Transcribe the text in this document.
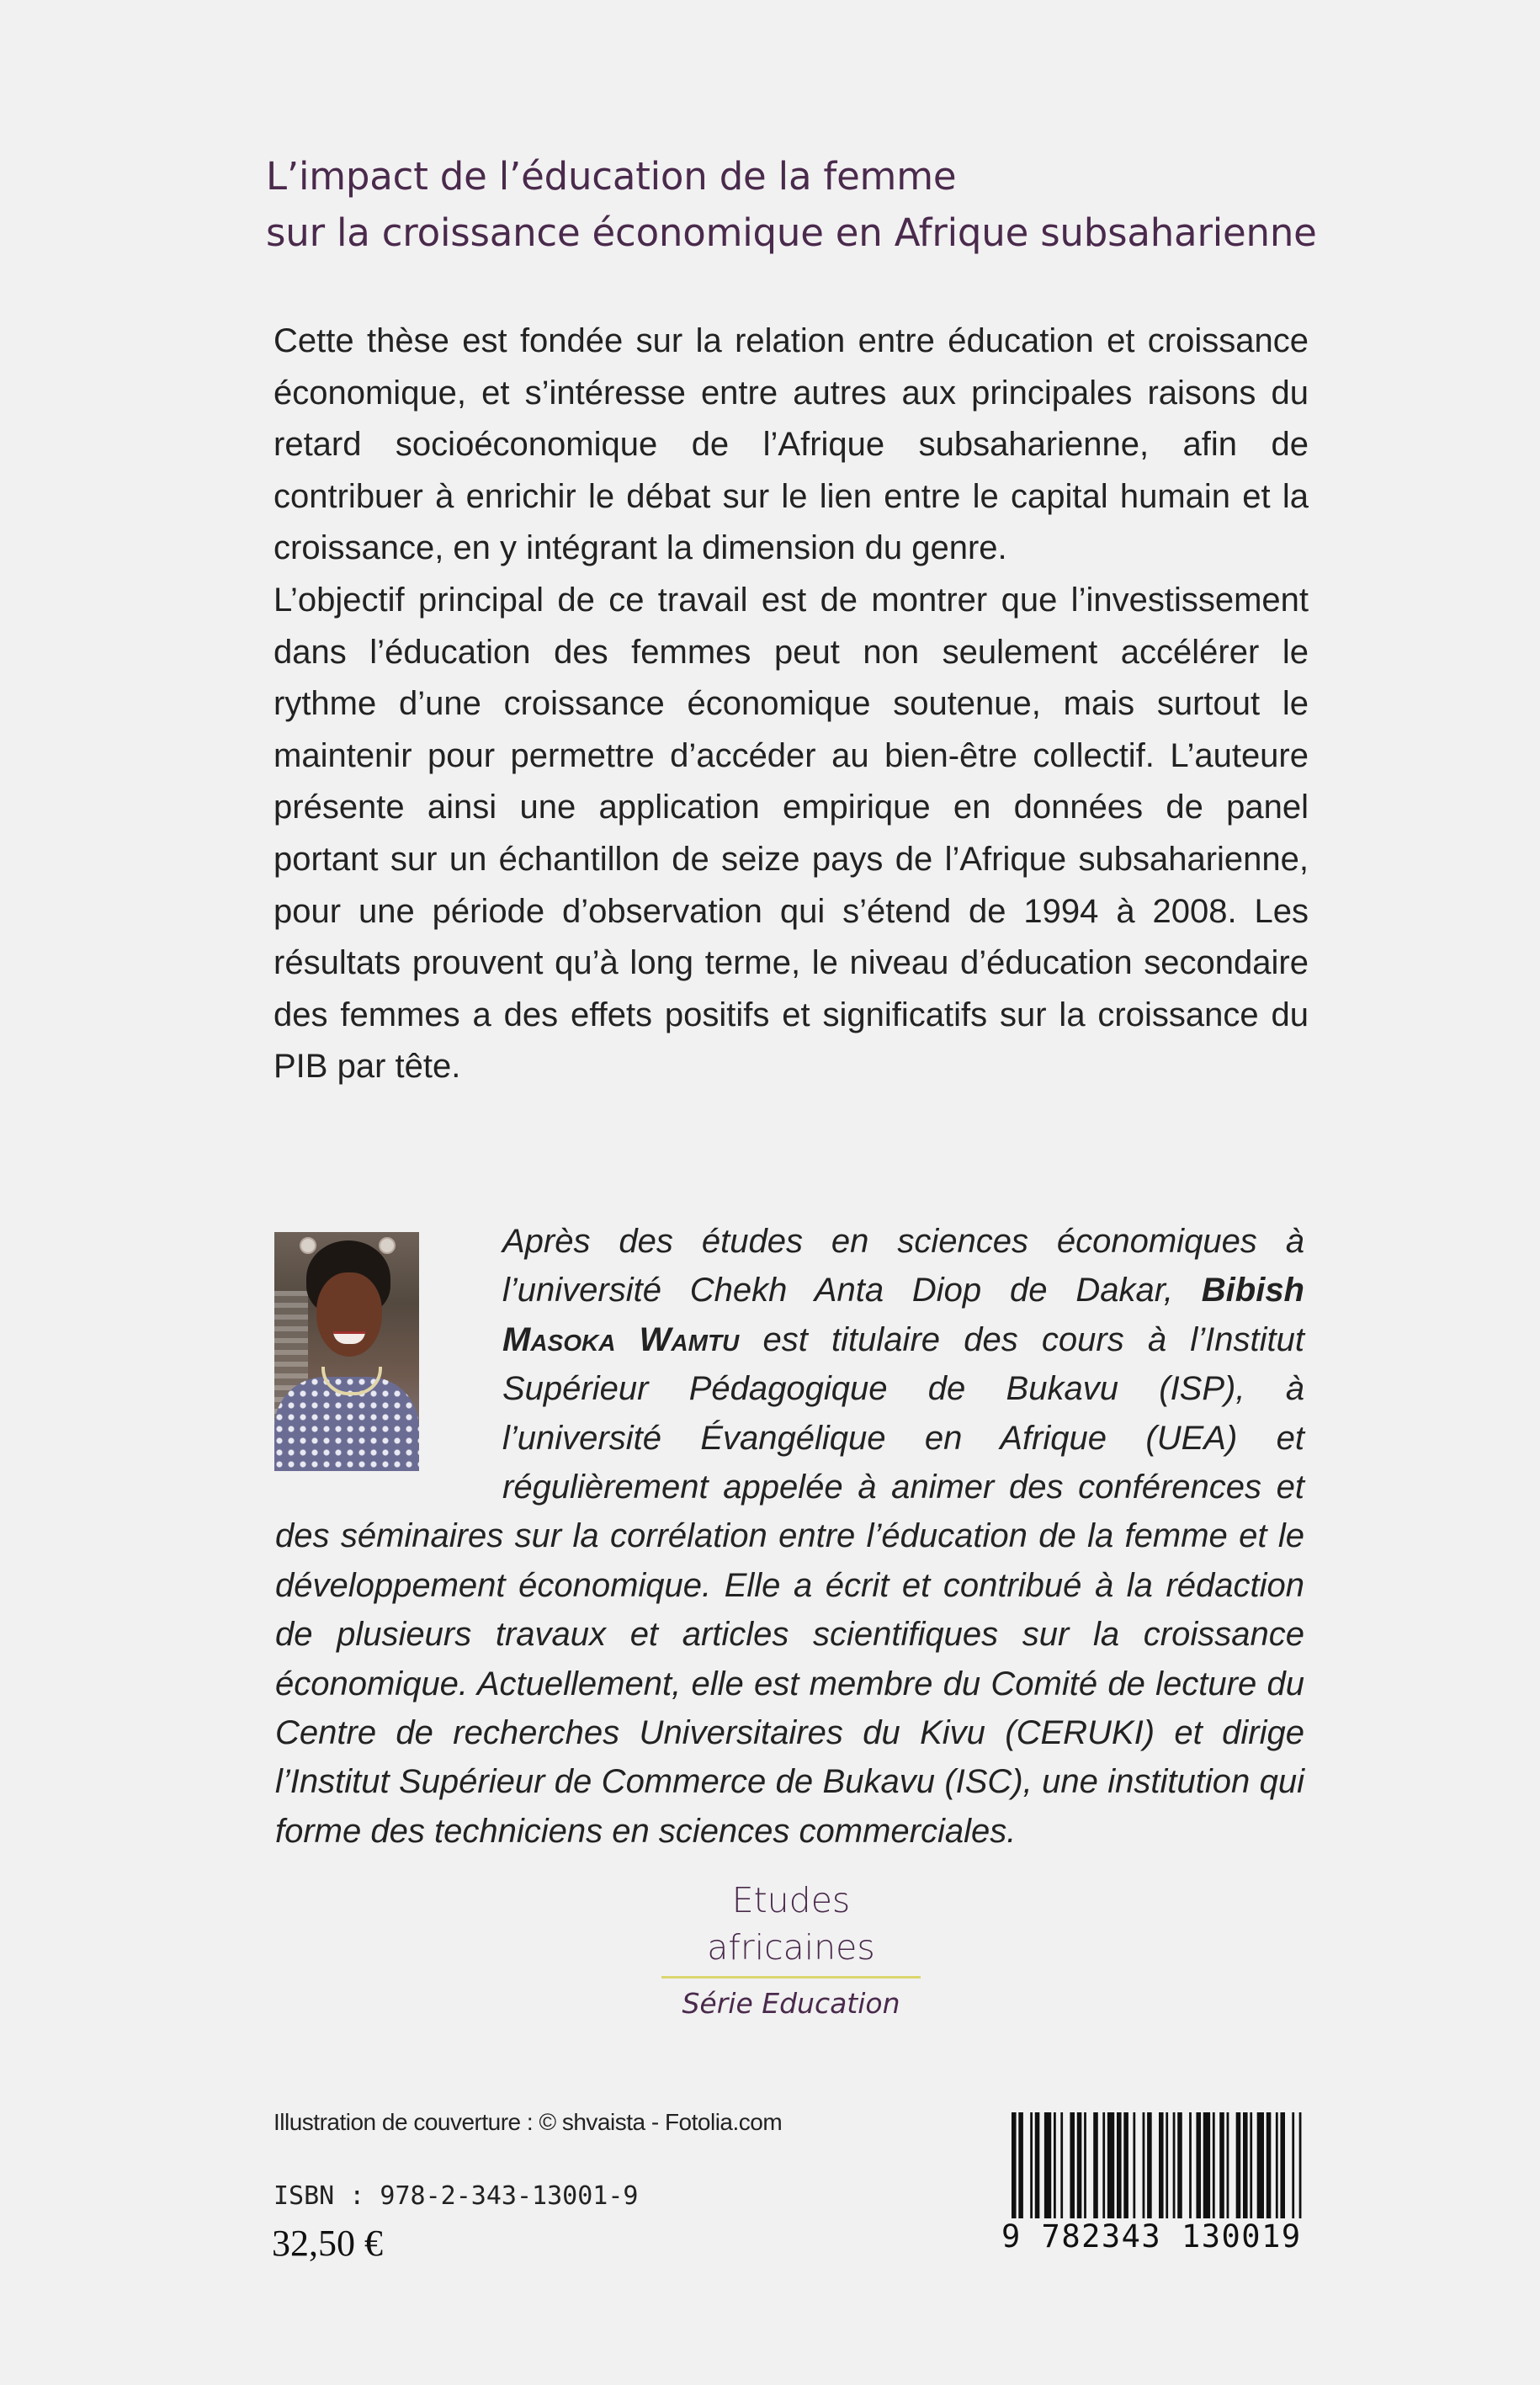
L’impact de l’éducation de la femme
sur la croissance économique en Afrique subsaharienne

Cette thèse est fondée sur la relation entre éducation et croissance économique, et s’intéresse entre autres aux principales raisons du retard socioéconomique de l’Afrique subsaharienne, afin de contribuer à enrichir le débat sur le lien entre le capital humain et la croissance, en y intégrant la dimension du genre.

L’objectif principal de ce travail est de montrer que l’investissement dans l’éducation des femmes peut non seulement accélérer le rythme d’une croissance économique soutenue, mais surtout le maintenir pour permettre d’accéder au bien-être collectif. L’auteure présente ainsi une application empirique en données de panel portant sur un échantillon de seize pays de l’Afrique subsaharienne, pour une période d’observation qui s’étend de 1994 à 2008. Les résultats prouvent qu’à long terme, le niveau d’éducation secondaire des femmes a des effets positifs et significatifs sur la croissance du PIB par tête.

Après des études en sciences économiques à l’université Chekh Anta Diop de Dakar, Bibish Masoka Wamtu est titulaire des cours à l’Institut Supérieur Pédagogique de Bukavu (ISP), à l’université Évangélique en Afrique (UEA) et régulièrement appelée à animer des conférences et des séminaires sur la corrélation entre l’éducation de la femme et le développement économique. Elle a écrit et contribué à la rédaction de plusieurs travaux et articles scientifiques sur la croissance économique. Actuellement, elle est membre du Comité de lecture du Centre de recherches Universitaires du Kivu (CERUKI) et dirige l’Institut Supérieur de Commerce de Bukavu (ISC), une institution qui forme des techniciens en sciences commerciales.
Etudes africaines
Série Education
Illustration de couverture : © shvaista - Fotolia.com
ISBN : 978-2-343-13001-9
32,50 €	9 782343 130019
